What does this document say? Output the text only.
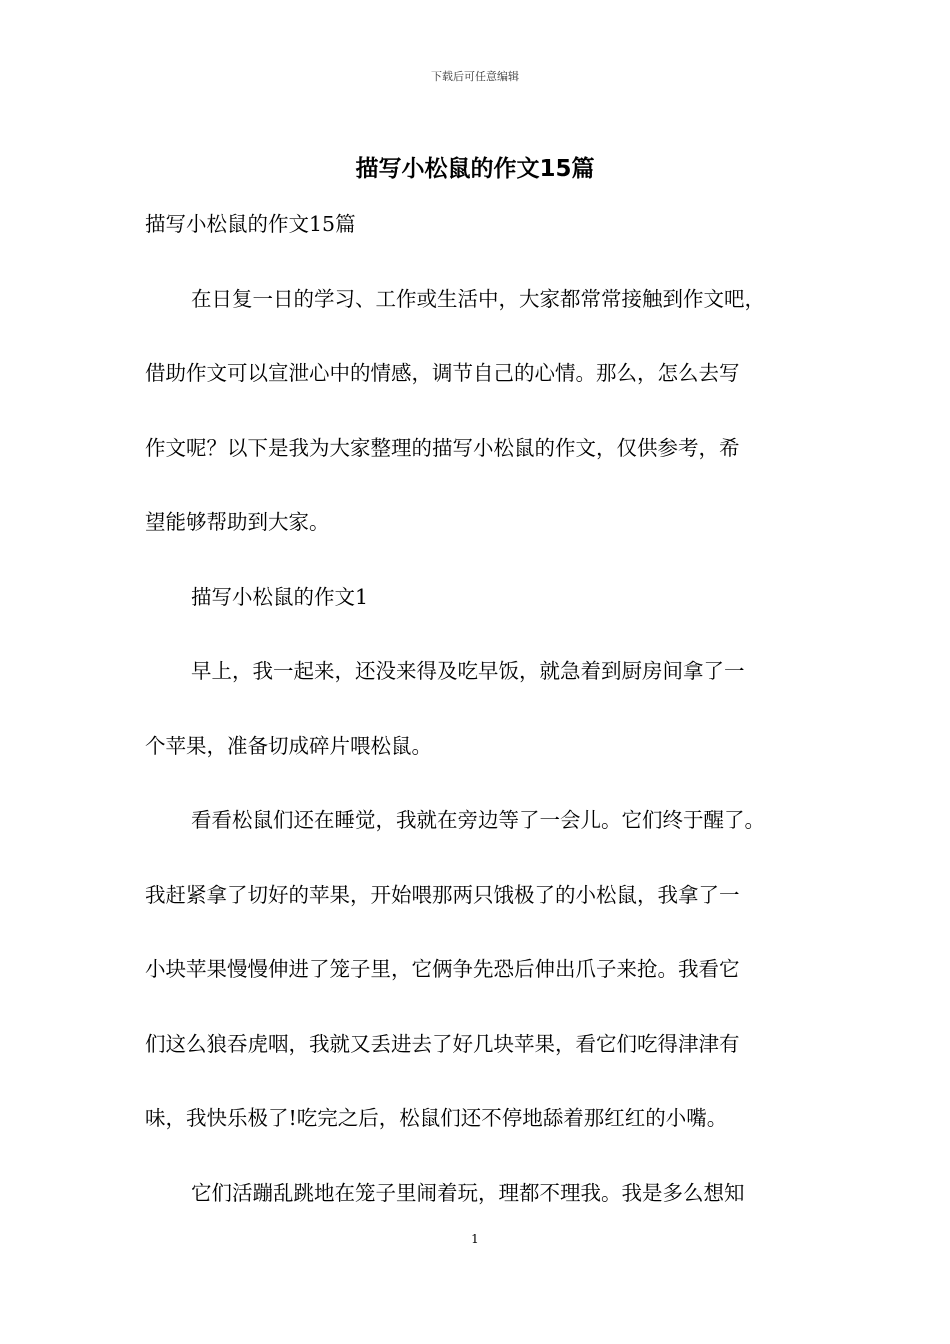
下载后可任意编辑
描写小松鼠的作文15篇
描写小松鼠的作文15篇
在日复一日的学习、工作或生活中，大家都常常接触到作文吧，
借助作文可以宣泄心中的情感，调节自己的心情。那么，怎么去写
作文呢？以下是我为大家整理的描写小松鼠的作文，仅供参考，希
望能够帮助到大家。
描写小松鼠的作文1
早上，我一起来，还没来得及吃早饭，就急着到厨房间拿了一
个苹果，准备切成碎片喂松鼠。
看看松鼠们还在睡觉，我就在旁边等了一会儿。它们终于醒了。
我赶紧拿了切好的苹果，开始喂那两只饿极了的小松鼠，我拿了一
小块苹果慢慢伸进了笼子里，它俩争先恐后伸出爪子来抢。我看它
们这么狼吞虎咽，我就又丢进去了好几块苹果，看它们吃得津津有
味，我快乐极了!吃完之后，松鼠们还不停地舔着那红红的小嘴。
它们活蹦乱跳地在笼子里闹着玩，理都不理我。我是多么想知
1
